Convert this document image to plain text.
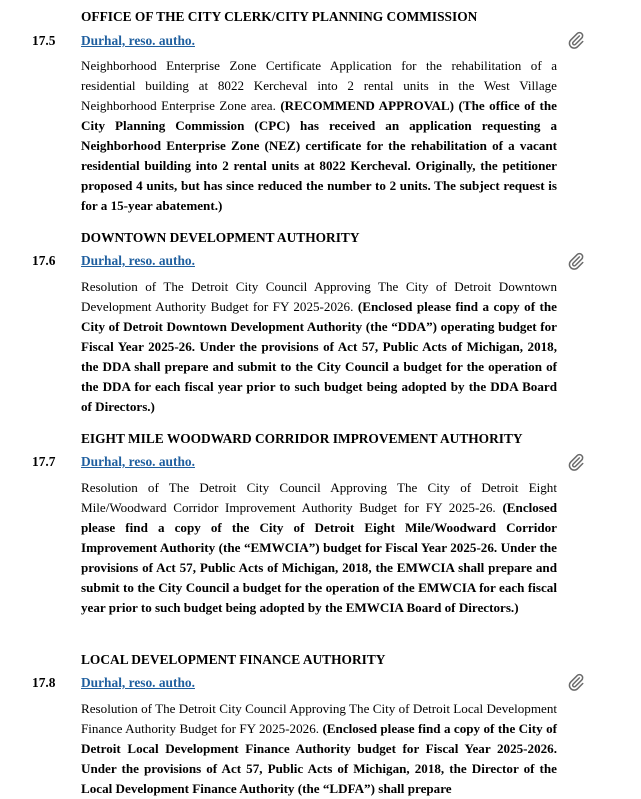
OFFICE OF THE CITY CLERK/CITY PLANNING COMMISSION
17.5 Durhal, reso. autho.
Neighborhood Enterprise Zone Certificate Application for the rehabilitation of a residential building at 8022 Kercheval into 2 rental units in the West Village Neighborhood Enterprise Zone area. (RECOMMEND APPROVAL) (The office of the City Planning Commission (CPC) has received an application requesting a Neighborhood Enterprise Zone (NEZ) certificate for the rehabilitation of a vacant residential building into 2 rental units at 8022 Kercheval. Originally, the petitioner proposed 4 units, but has since reduced the number to 2 units. The subject request is for a 15-year abatement.)
DOWNTOWN DEVELOPMENT AUTHORITY
17.6 Durhal, reso. autho.
Resolution of The Detroit City Council Approving The City of Detroit Downtown Development Authority Budget for FY 2025-2026. (Enclosed please find a copy of the City of Detroit Downtown Development Authority (the “DDA”) operating budget for Fiscal Year 2025-26. Under the provisions of Act 57, Public Acts of Michigan, 2018, the DDA shall prepare and submit to the City Council a budget for the operation of the DDA for each fiscal year prior to such budget being adopted by the DDA Board of Directors.)
EIGHT MILE WOODWARD CORRIDOR IMPROVEMENT AUTHORITY
17.7 Durhal, reso. autho.
Resolution of The Detroit City Council Approving The City of Detroit Eight Mile/Woodward Corridor Improvement Authority Budget for FY 2025-26. (Enclosed please find a copy of the City of Detroit Eight Mile/Woodward Corridor Improvement Authority (the “EMWCIA”) budget for Fiscal Year 2025-26. Under the provisions of Act 57, Public Acts of Michigan, 2018, the EMWCIA shall prepare and submit to the City Council a budget for the operation of the EMWCIA for each fiscal year prior to such budget being adopted by the EMWCIA Board of Directors.)
LOCAL DEVELOPMENT FINANCE AUTHORITY
17.8 Durhal, reso. autho.
Resolution of The Detroit City Council Approving The City of Detroit Local Development Finance Authority Budget for FY 2025-2026. (Enclosed please find a copy of the City of Detroit Local Development Finance Authority budget for Fiscal Year 2025-2026. Under the provisions of Act 57, Public Acts of Michigan, 2018, the Director of the Local Development Finance Authority (the “LDFA”) shall prepare
